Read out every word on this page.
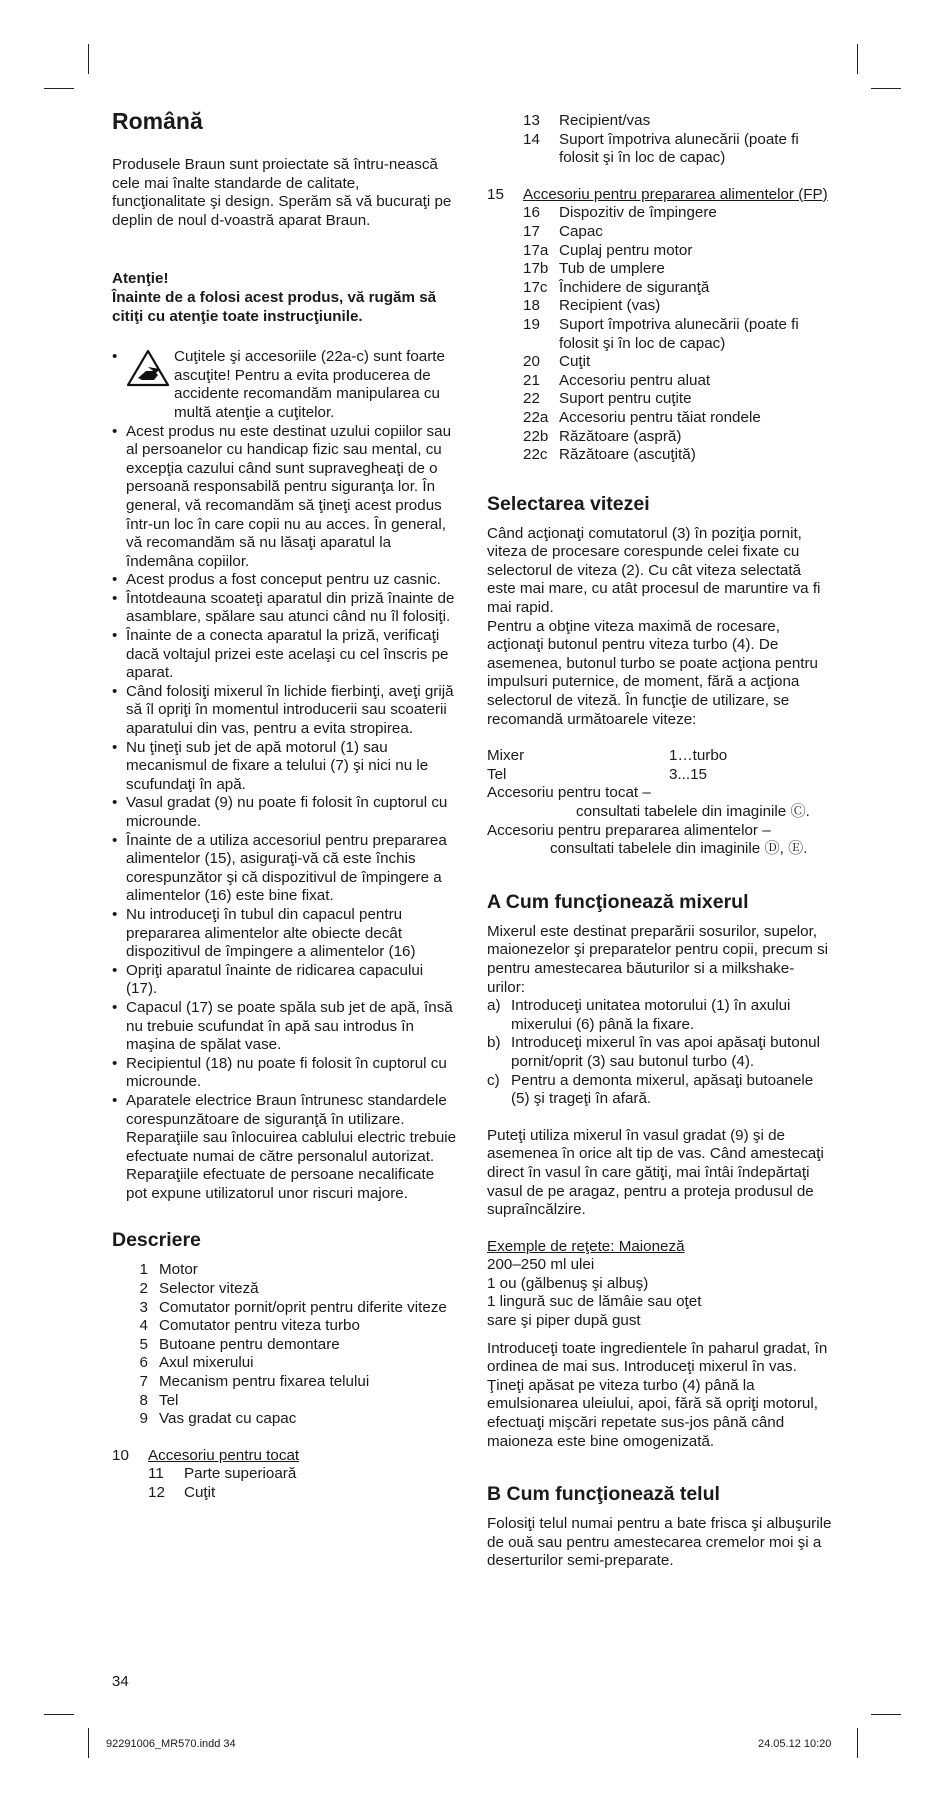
Română

Produsele Braun sunt proiectate să întru-nească cele mai înalte standarde de calitate, funcţionalitate şi design. Sperăm să vă bucuraţi pe deplin de noul d-voastră aparat Braun.

Atenţie!

Înainte de a folosi acest produs, vă rugăm să citiţi cu atenţie toate instrucţiunile.

• Cuţitele şi accesoriile (22a-c) sunt foarte ascuţite! Pentru a evita producerea de accidente recomandăm manipularea cu multă atenţie a cuţitelor.
• Acest produs nu este destinat uzului copiilor sau al persoanelor cu handicap fizic sau mental, cu excepţia cazului când sunt supravegheaţi de o persoană responsabilă pentru siguranţa lor. În general, vă recomandăm să ţineţi acest produs într-un loc în care copii nu au acces. În general, vă recomandăm să nu lăsaţi aparatul la îndemâna copiilor.
• Acest produs a fost conceput pentru uz casnic.
• Întotdeauna scoateţi aparatul din priză înainte de asamblare, spălare sau atunci când nu îl folosiţi.
• Înainte de a conecta aparatul la priză, verificaţi dacă voltajul prizei este acelaşi cu cel înscris pe aparat.
• Când folosiţi mixerul în lichide fierbinţi, aveţi grijă să îl opriţi în momentul introducerii sau scoaterii aparatului din vas, pentru a evita stropirea.
• Nu ţineţi sub jet de apă motorul (1) sau mecanismul de fixare a telului (7) şi nici nu le scufundaţi în apă.
• Vasul gradat (9) nu poate fi folosit în cuptorul cu microunde.
• Înainte de a utiliza accesoriul pentru prepararea alimentelor (15), asiguraţi-vă că este închis corespunzător şi că dispozitivul de împingere a alimentelor (16) este bine fixat.
• Nu introduceţi în tubul din capacul pentru prepararea alimentelor alte obiecte decât dispozitivul de împingere a alimentelor (16)
• Opriţi aparatul înainte de ridicarea capacului (17).
• Capacul (17) se poate spăla sub jet de apă, însă nu trebuie scufundat în apă sau introdus în maşina de spălat vase.
• Recipientul (18) nu poate fi folosit în cuptorul cu microunde.
• Aparatele electrice Braun întrunesc standardele corespunzătoare de siguranţă în utilizare. Reparaţiile sau înlocuirea cablului electric trebuie efectuate numai de către personalul autorizat. Reparaţiile efectuate de persoane necalificate pot expune utilizatorul unor riscuri majore.
Descriere
1	Motor
2	Selector viteză
3	Comutator pornit/oprit pentru diferite viteze
4	Comutator pentru viteza turbo
5	Butoane pentru demontare
6	Axul mixerului
7	Mecanism pentru fixarea telului
8	Tel
9	Vas gradat cu capac
10	Accesoriu pentru tocat
11	Parte superioară
12	Cuţit
34
13	Recipient/vas
14	Suport împotriva alunecării (poate fi folosit şi în loc de capac)
15	Accesoriu pentru prepararea alimentelor (FP)
16	Dispozitiv de împingere
17	Capac
17a	Cuplaj pentru motor
17b	Tub de umplere
17c	Închidere de siguranţă
18	Recipient (vas)
19	Suport împotriva alunecării (poate fi folosit şi în loc de capac)
20	Cuţit
21	Accesoriu pentru aluat
22	Suport pentru cuţite
22a	Accesoriu pentru tăiat rondele
22b	Răzătoare (aspră)
22c	Răzătoare (ascuţită)
Selectarea vitezei

Când acţionaţi comutatorul (3) în poziţia pornit, viteza de procesare corespunde celei fixate cu selectorul de viteza (2). Cu cât viteza selectată este mai mare, cu atât procesul de maruntire va fi mai rapid.

Pentru a obţine viteza maximă de rocesare, acţionaţi butonul pentru viteza turbo (4). De asemenea, butonul turbo se poate acţiona pentru impulsuri puternice, de moment, fără a acţiona selectorul de viteză. În funcţie de utilizare, se recomandă următoarele viteze:

Mixer	1…turbo
Tel	3...15

Accesoriu pentru tocat –

consultati tabelele din imaginile Ⓒ.

Accesoriu pentru prepararea alimentelor –

consultati tabelele din imaginile Ⓓ, Ⓔ.

A Cum funcţionează mixerul

Mixerul este destinat preparării sosurilor, supelor, maionezelor şi preparatelor pentru copii, precum si pentru amestecarea băuturilor si a milkshake-urilor:

a) Introduceţi unitatea motorului (1) în axului mixerului (6) până la fixare.
b) Introduceţi mixerul în vas apoi apăsaţi butonul pornit/oprit (3) sau butonul turbo (4).
c) Pentru a demonta mixerul, apăsaţi butoanele (5) şi trageţi în afară.

Puteţi utiliza mixerul în vasul gradat (9) şi de asemenea în orice alt tip de vas. Când amestecaţi direct în vasul în care gătiţi, mai întâi îndepărtaţi vasul de pe aragaz, pentru a proteja produsul de supraîncălzire.

Exemple de reţete: Maioneză

200–250 ml ulei

1 ou (gălbenuş şi albuş)

1 lingură suc de lămâie sau oţet

sare şi piper după gust

Introduceţi toate ingredientele în paharul gradat, în ordinea de mai sus. Introduceţi mixerul în vas. Ţineţi apăsat pe viteza turbo (4) până la emulsionarea uleiului, apoi, fără să opriţi motorul, efectuaţi mişcări repetate sus-jos până când maioneza este bine omogenizată.

B Cum funcţionează telul

Folosiţi telul numai pentru a bate frisca şi albuşurile de ouă sau pentru amestecarea cremelor moi şi a deserturilor semi-preparate.

92291006_MR570.indd 34	24.05.12 10:20
